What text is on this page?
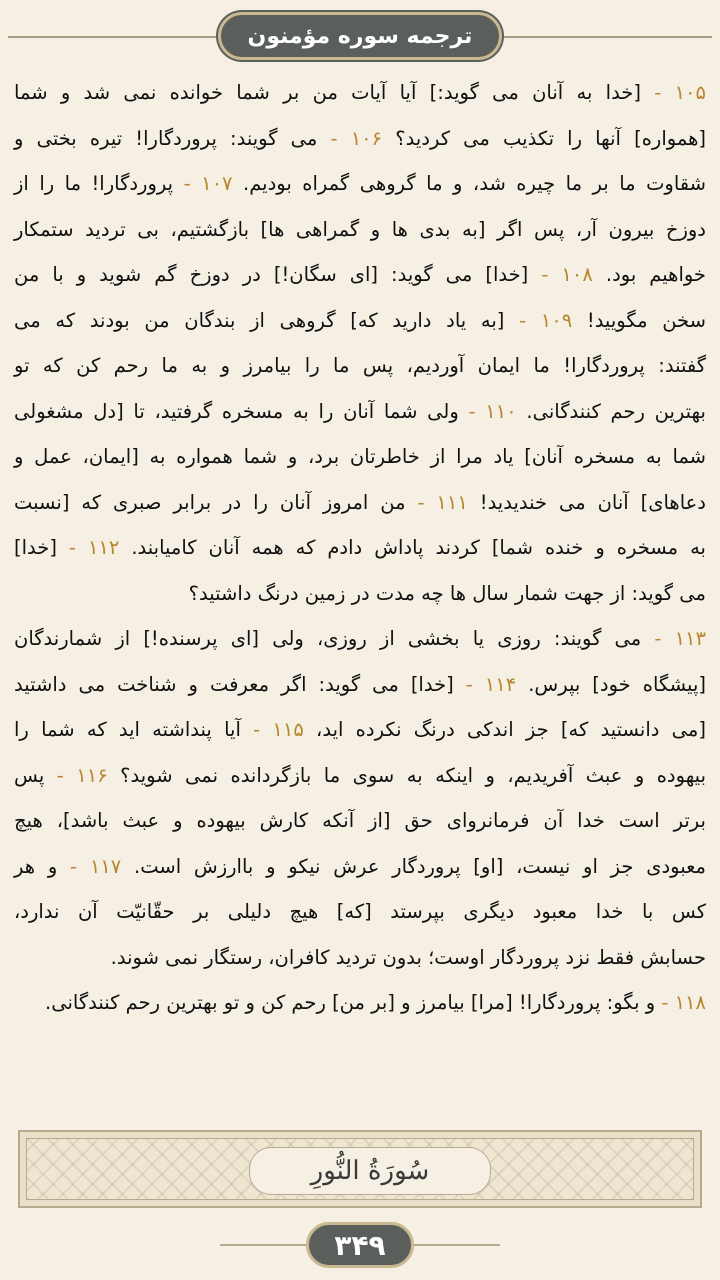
ترجمه سوره مؤمنون
۱۰۵ - [خدا به آنان می گوید:] آیا آیات من بر شما خوانده نمی شد و شما
[همواره] آنها را تکذیب می کردید؟ ۱۰۶ - می گویند: پروردگارا! تیره بختی و
شقاوت ما بر ما چیره شد، و ما گروهی گمراه بودیم. ۱۰۷ - پروردگارا! ما را از
دوزخ بیرون آر، پس اگر [به بدی ها و گمراهی ها] بازگشتیم، بی تردید ستمکار
خواهیم بود. ۱۰۸ - [خدا] می گوید: [ای سگان!] در دوزخ گم شوید و با من
سخن مگویید! ۱۰۹ - [به یاد دارید که] گروهی از بندگان من بودند که می
گفتند: پروردگارا! ما ایمان آوردیم، پس ما را بیامرز و به ما رحم کن که تو
بهترین رحم کنندگانی. ۱۱۰ - ولی شما آنان را به مسخره گرفتید، تا [دل مشغولی
شما به مسخره آنان] یاد مرا از خاطرتان برد، و شما همواره به [ایمان، عمل و
دعاهای] آنان می خندیدید! ۱۱۱ - من امروز آنان را در برابر صبری که [نسبت
به مسخره و خنده شما] کردند پاداش دادم که همه آنان کامیابند. ۱۱۲ - [خدا]
می گوید: از جهت شمار سال ها چه مدت در زمین درنگ داشتید؟
۱۱۳ - می گویند: روزی یا بخشی از روزی، ولی [ای پرسنده!] از شمارندگان
[پیشگاه خود] بپرس. ۱۱۴ - [خدا] می گوید: اگر معرفت و شناخت می داشتید
[می دانستید که] جز اندکی درنگ نکرده اید، ۱۱۵ - آیا پنداشته اید که شما را
بیهوده و عبث آفریدیم، و اینکه به سوی ما بازگردانده نمی شوید؟ ۱۱۶ - پس
برتر است خدا آن فرمانروای حق [از آنکه کارش بیهوده و عبث باشد]، هیچ
معبودی جز او نیست، [او] پروردگار عرش نیکو و باارزش است. ۱۱۷ - و هر
کس با خدا معبود دیگری بپرستد [که] هیچ دلیلی بر حقّانیّت آن ندارد،
حسابش فقط نزد پروردگار اوست؛ بدون تردید کافران، رستگار نمی شوند.
۱۱۸ - و بگو: پروردگارا! [مرا] بیامرز و [بر من] رحم کن و تو بهترین رحم کنندگانی.
سُورَةُ النُّورِ
۳۴۹
